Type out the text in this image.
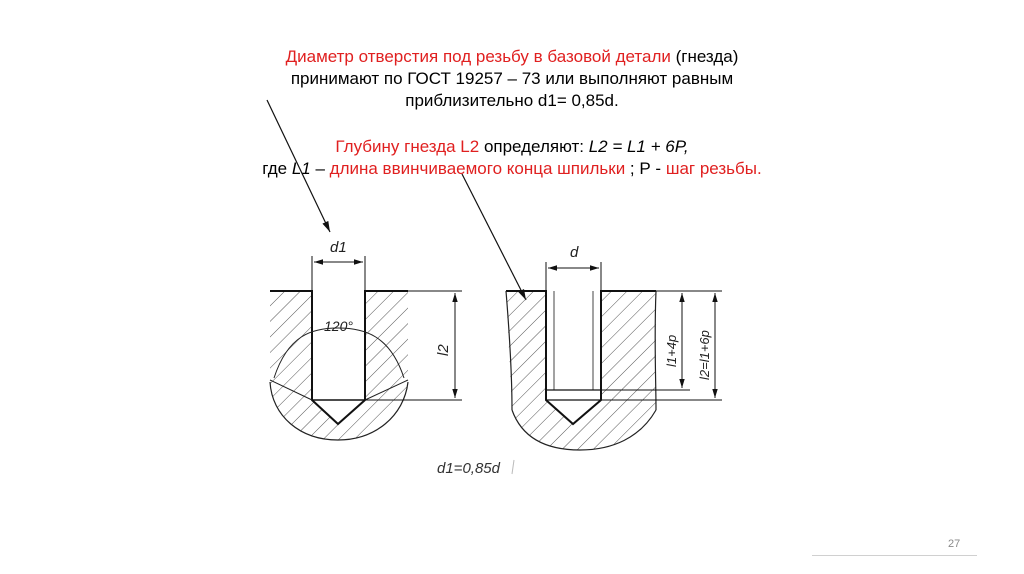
Диаметр отверстия под резьбу в базовой детали (гнезда)
принимают по ГОСТ 19257 – 73 или выполняют равным
приблизительно d1= 0,85d.
Глубину гнезда L2 определяют: L2 = L1 + 6P,
где L1 – длина ввинчиваемого конца шпильки ; Р - шаг резьбы.
d1
120°
l2
d
l1+4p l2=l1+6p
d1=0,85d
27
